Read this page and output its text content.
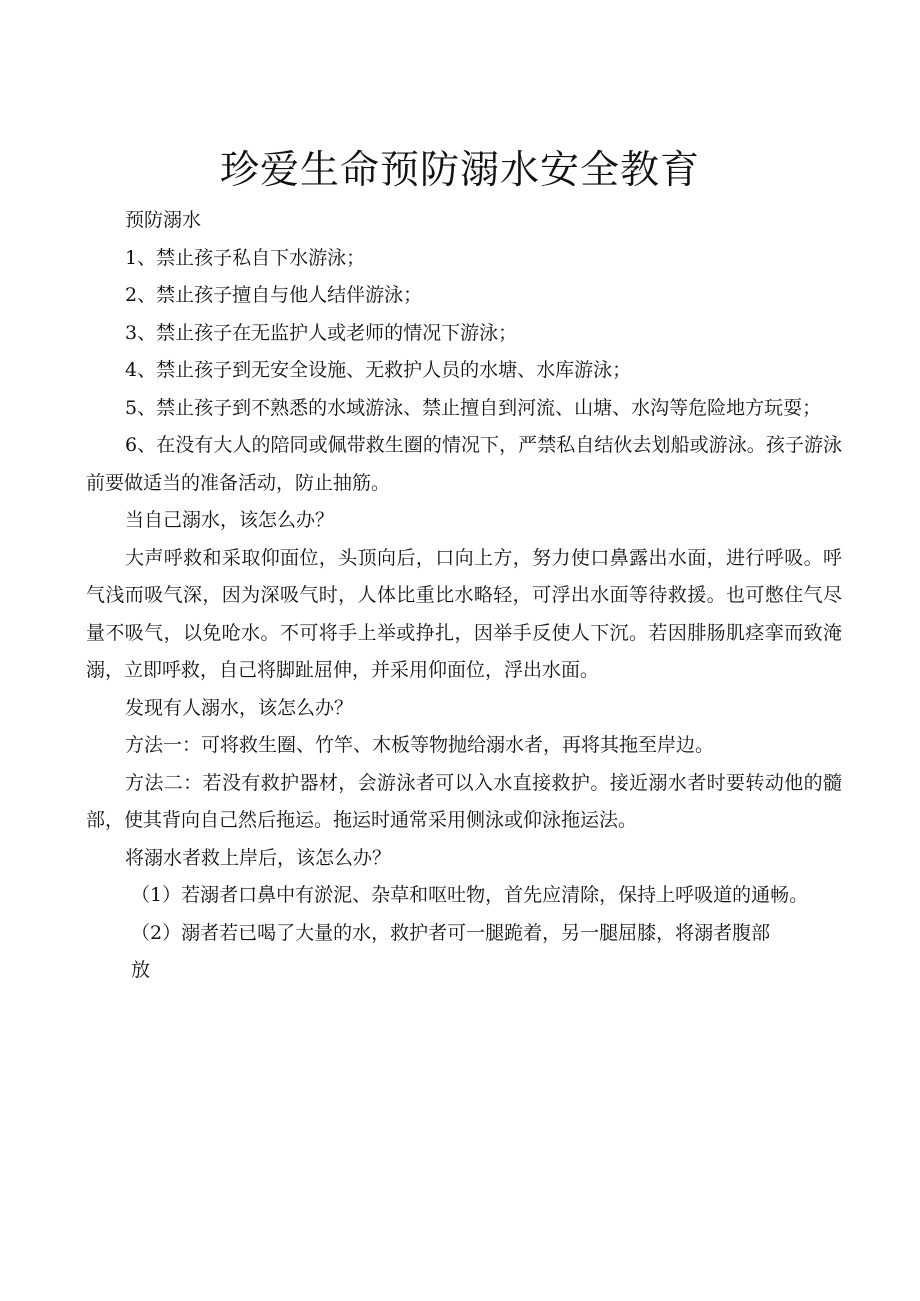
珍爱生命预防溺水安全教育

预防溺水

1、禁止孩子私自下水游泳；

2、禁止孩子擅自与他人结伴游泳；

3、禁止孩子在无监护人或老师的情况下游泳；

4、禁止孩子到无安全设施、无救护人员的水塘、水库游泳；

5、禁止孩子到不熟悉的水域游泳、禁止擅自到河流、山塘、水沟等危险地方玩耍；

6、在没有大人的陪同或佩带救生圈的情况下，严禁私自结伙去划船或游泳。孩子游泳前要做适当的准备活动，防止抽筋。

当自己溺水，该怎么办？

大声呼救和采取仰面位，头顶向后，口向上方，努力使口鼻露出水面，进行呼吸。呼气浅而吸气深，因为深吸气时，人体比重比水略轻，可浮出水面等待救援。也可憋住气尽量不吸气，以免呛水。不可将手上举或挣扎，因举手反使人下沉。若因腓肠肌痉挛而致淹溺，立即呼救，自己将脚趾屈伸，并采用仰面位，浮出水面。

发现有人溺水，该怎么办？

方法一：可将救生圈、竹竿、木板等物抛给溺水者，再将其拖至岸边。

方法二：若没有救护器材，会游泳者可以入水直接救护。接近溺水者时要转动他的髓部，使其背向自己然后拖运。拖运时通常采用侧泳或仰泳拖运法。

将溺水者救上岸后，该怎么办？

（1）若溺者口鼻中有淤泥、杂草和呕吐物，首先应清除，保持上呼吸道的通畅。

（2）溺者若已喝了大量的水，救护者可一腿跪着，另一腿屈膝，将溺者腹部

放
